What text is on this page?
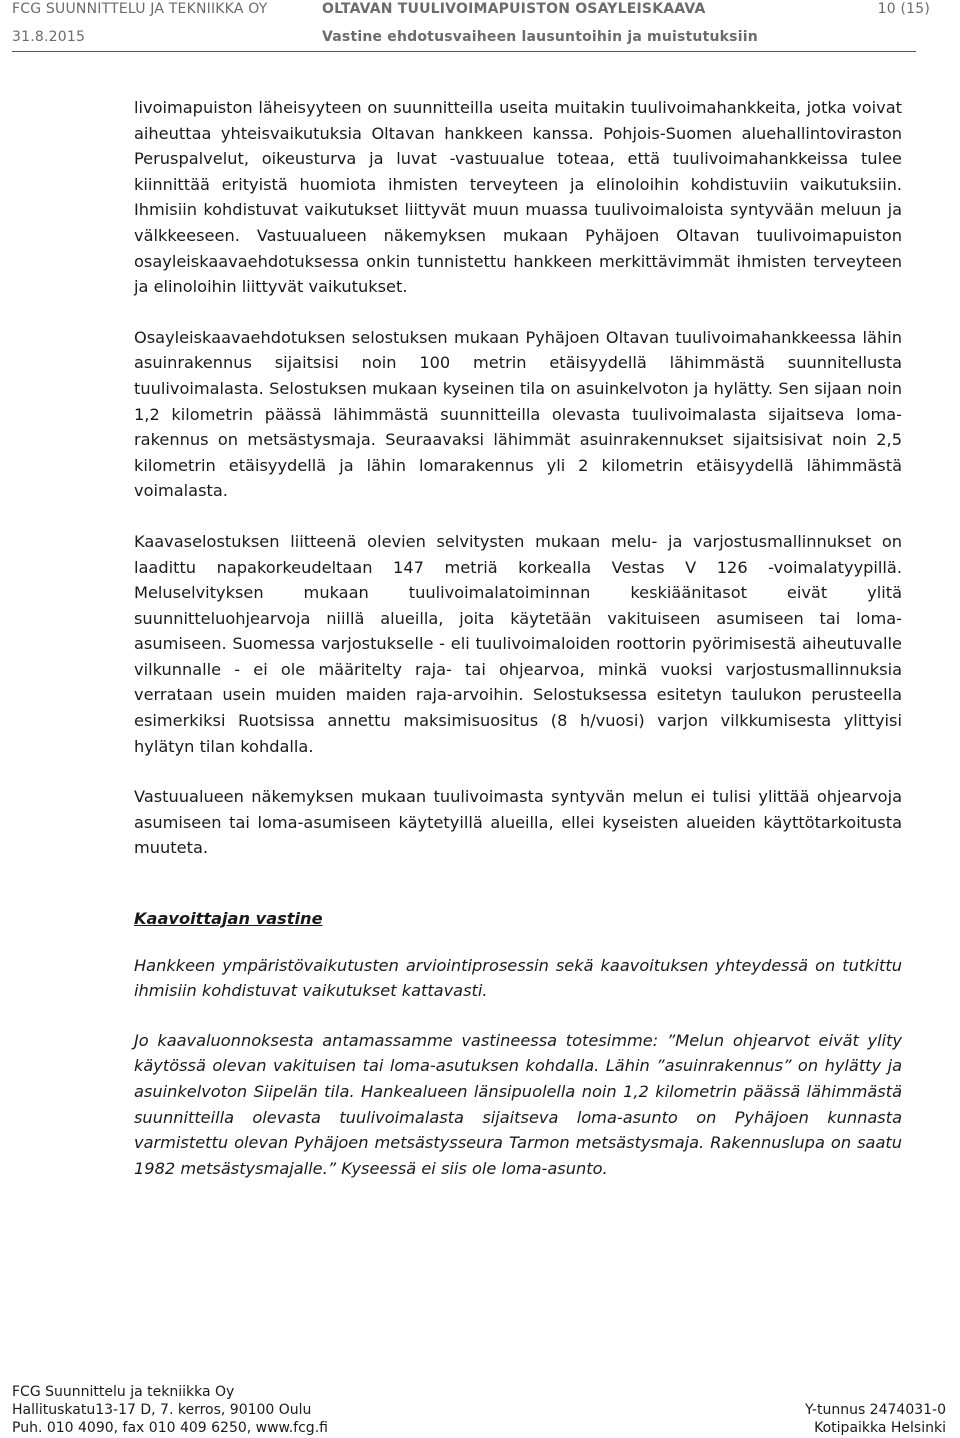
FCG SUUNNITTELU JA TEKNIIKKA OY	OLTAVAN TUULIVOIMAPUISTON OSAYLEISKAAVA	10 (15)
31.8.2015	Vastine ehdotusvaiheen lausuntoihin ja muistutuksiin

livoimapuiston läheisyyteen on suunnitteilla useita muitakin tuulivoimahankkeita, jotka voivat aiheuttaa yhteisvaikutuksia Oltavan hankkeen kanssa. Pohjois-Suomen aluehallintoviraston Peruspalvelut, oikeusturva ja luvat -vastuualue toteaa, että tuulivoimahankkeissa tulee kiinnittää erityistä huomiota ihmisten terveyteen ja elinoloihin kohdistuviin vaikutuksiin. Ihmisiin kohdistuvat vaikutukset liittyvät muun muassa tuulivoimaloista syntyvään meluun ja välkkeeseen. Vastuualueen näkemyksen mukaan Pyhäjoen Oltavan tuulivoimapuiston osayleiskaavaehdotuksessa onkin tunnistettu hankkeen merkittävimmät ihmisten terveyteen ja elinoloihin liittyvät vaikutukset.

Osayleiskaavaehdotuksen selostuksen mukaan Pyhäjoen Oltavan tuulivoimahankkeessa lähin asuinrakennus sijaitsisi noin 100 metrin etäisyydellä lähimmästä suunnitellusta tuulivoimalasta. Selostuksen mukaan kyseinen tila on asuinkelvoton ja hylätty. Sen sijaan noin 1,2 kilometrin päässä lähimmästä suunnitteilla olevasta tuulivoimalasta sijaitseva loma-rakennus on metsästysmaja. Seuraavaksi lähimmät asuinrakennukset sijaitsisivat noin 2,5 kilometrin etäisyydellä ja lähin lomarakennus yli 2 kilometrin etäisyydellä lähimmästä voimalasta.

Kaavaselostuksen liitteenä olevien selvitysten mukaan melu- ja varjostusmallinnukset on laadittu napakorkeudeltaan 147 metriä korkealla Vestas V 126 -voimalatyypillä. Meluselvityksen mukaan tuulivoimalatoiminnan keskiäänitasot eivät ylitä suunnitteluohjearvoja niillä alueilla, joita käytetään vakituiseen asumiseen tai loma-asumiseen. Suomessa varjostukselle - eli tuulivoimaloiden roottorin pyörimisestä aiheutuvalle vilkunnalle - ei ole määritelty raja- tai ohjearvoa, minkä vuoksi varjostusmallinnuksia verrataan usein muiden maiden raja-arvoihin. Selostuksessa esitetyn taulukon perusteella esimerkiksi Ruotsissa annettu maksimisuositus (8 h/vuosi) varjon vilkkumisesta ylittyisi hylätyn tilan kohdalla.

Vastuualueen näkemyksen mukaan tuulivoimasta syntyvän melun ei tulisi ylittää ohjearvoja asumiseen tai loma-asumiseen käytetyillä alueilla, ellei kyseisten alueiden käyttötarkoitusta muuteta.

Kaavoittajan vastine

Hankkeen ympäristövaikutusten arviointiprosessin sekä kaavoituksen yhteydessä on tutkittu ihmisiin kohdistuvat vaikutukset kattavasti.

Jo kaavaluonnoksesta antamassamme vastineessa totesimme: ”Melun ohjearvot eivät ylity käytössä olevan vakituisen tai loma-asutuksen kohdalla. Lähin ”asuinrakennus” on hylätty ja asuinkelvoton Siipelän tila. Hankealueen länsipuolella noin 1,2 kilometrin päässä lähimmästä suunnitteilla olevasta tuulivoimalasta sijaitseva loma-asunto on Pyhäjoen kunnasta varmistettu olevan Pyhäjoen metsästysseura Tarmon metsästysmaja. Rakennuslupa on saatu 1982 metsästysmajalle.” Kyseessä ei siis ole loma-asunto.

FCG Suunnittelu ja tekniikka Oy
Hallituskatu13-17 D, 7. kerros, 90100 Oulu	Y-tunnus 2474031-0
Puh. 010 4090, fax 010 409 6250, www.fcg.fi	Kotipaikka Helsinki
